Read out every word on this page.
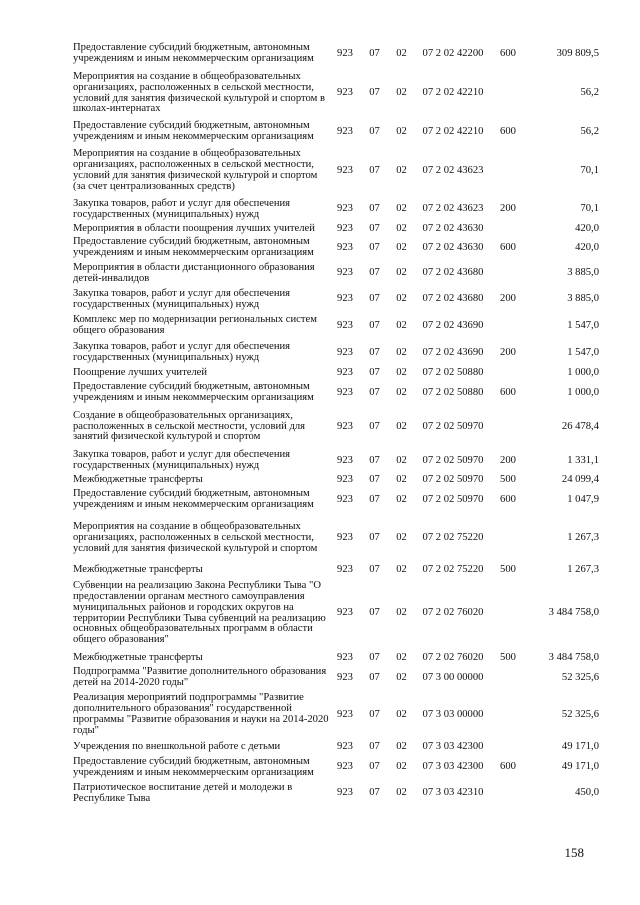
Предоставление субсидий бюджетным, автономным учреждениям и иным некоммерческим организациям	923	07	02	07 2 02 42200	600	309 809,5
Мероприятия на создание в общеобразовательных организациях, расположенных в сельской местности, условий для занятия физической культурой и спортом в школах-интернатах	923	07	02	07 2 02 42210		56,2
Предоставление субсидий бюджетным, автономным учреждениям и иным некоммерческим организациям	923	07	02	07 2 02 42210	600	56,2
Мероприятия на создание в общеобразовательных организациях, расположенных в сельской местности, условий для занятия физической культурой и спортом (за счет централизованных средств)	923	07	02	07 2 02 43623		70,1
Закупка товаров, работ и услуг для обеспечения государственных (муниципальных) нужд	923	07	02	07 2 02 43623	200	70,1
Мероприятия в области поощрения лучших учителей	923	07	02	07 2 02 43630		420,0
Предоставление субсидий бюджетным, автономным учреждениям и иным некоммерческим организациям	923	07	02	07 2 02 43630	600	420,0
Мероприятия в области дистанционного образования детей-инвалидов	923	07	02	07 2 02 43680		3 885,0
Закупка товаров, работ и услуг для обеспечения государственных (муниципальных) нужд	923	07	02	07 2 02 43680	200	3 885,0
Комплекс мер по модернизации региональных систем общего образования	923	07	02	07 2 02 43690		1 547,0
Закупка товаров, работ и услуг для обеспечения государственных (муниципальных) нужд	923	07	02	07 2 02 43690	200	1 547,0
Поощрение лучших учителей	923	07	02	07 2 02 50880		1 000,0
Предоставление субсидий бюджетным, автономным учреждениям и иным некоммерческим организациям	923	07	02	07 2 02 50880	600	1 000,0
Создание в общеобразовательных организациях, расположенных в сельской местности, условий для занятий физической культурой и спортом	923	07	02	07 2 02 50970		26 478,4
Закупка товаров, работ и услуг для обеспечения государственных (муниципальных) нужд	923	07	02	07 2 02 50970	200	1 331,1
Межбюджетные трансферты	923	07	02	07 2 02 50970	500	24 099,4
Предоставление субсидий бюджетным, автономным учреждениям и иным некоммерческим организациям	923	07	02	07 2 02 50970	600	1 047,9
Мероприятия на создание в общеобразовательных организациях, расположенных в сельской местности, условий для занятия физической культурой и спортом	923	07	02	07 2 02 75220		1 267,3
Межбюджетные трансферты	923	07	02	07 2 02 75220	500	1 267,3
Субвенции на реализацию Закона Республики Тыва "О предоставлении органам местного самоуправления муниципальных районов и городских округов на территории Республики Тыва субвенций на реализацию основных общеобразовательных программ в области общего образования"	923	07	02	07 2 02 76020		3 484 758,0
Межбюджетные трансферты	923	07	02	07 2 02 76020	500	3 484 758,0
Подпрограмма "Развитие дополнительного образования детей на 2014-2020 годы"	923	07	02	07 3 00 00000		52 325,6
Реализация мероприятий подпрограммы "Развитие дополнительного образования" государственной программы "Развитие образования и науки на 2014-2020 годы"	923	07	02	07 3 03 00000		52 325,6
Учреждения по внешкольной работе с детьми	923	07	02	07 3 03 42300		49 171,0
Предоставление субсидий бюджетным, автономным учреждениям и иным некоммерческим организациям	923	07	02	07 3 03 42300	600	49 171,0
Патриотическое воспитание детей и молодежи в Республике Тыва	923	07	02	07 3 03 42310		450,0
158
